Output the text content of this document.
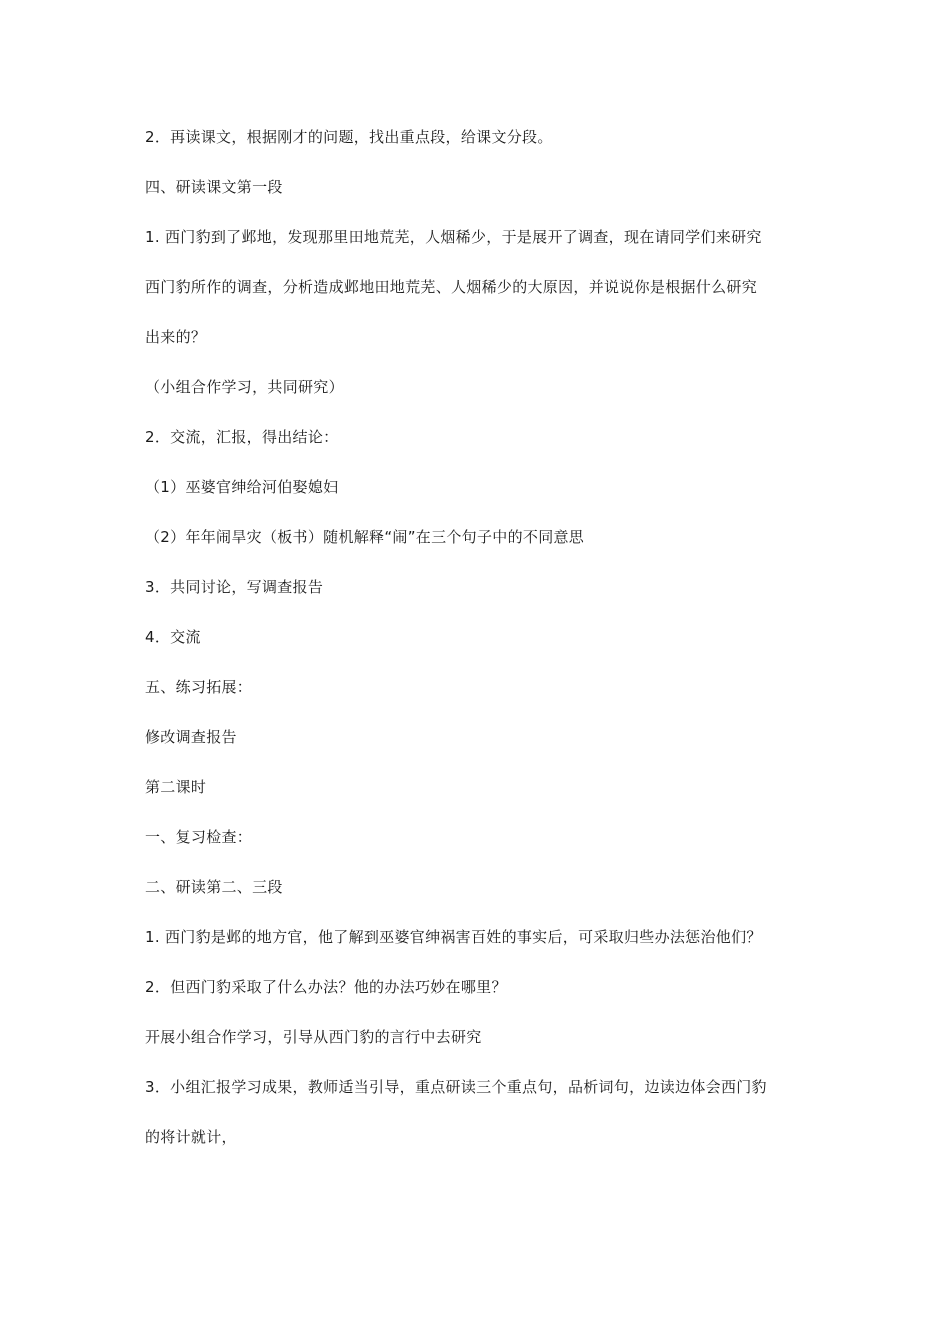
2．再读课文，根据刚才的问题，找出重点段，给课文分段。
四、研读课文第一段
1. 西门豹到了邺地，发现那里田地荒芜，人烟稀少，于是展开了调查，现在请同学们来研究
西门豹所作的调查，分析造成邺地田地荒芜、人烟稀少的大原因，并说说你是根据什么研究
出来的？
（小组合作学习，共同研究）
2．交流，汇报，得出结论：
（1）巫婆官绅给河伯娶媳妇
（2）年年闹旱灾（板书）随机解释“闹”在三个句子中的不同意思
3．共同讨论，写调查报告
4．交流
五、练习拓展：
修改调查报告
第二课时
一、复习检查：
二、研读第二、三段
1. 西门豹是邺的地方官，他了解到巫婆官绅祸害百姓的事实后，可采取归些办法惩治他们？
2．但西门豹采取了什么办法？他的办法巧妙在哪里？
开展小组合作学习，引导从西门豹的言行中去研究
3．小组汇报学习成果，教师适当引导，重点研读三个重点句，品析词句，边读边体会西门豹
的将计就计，
